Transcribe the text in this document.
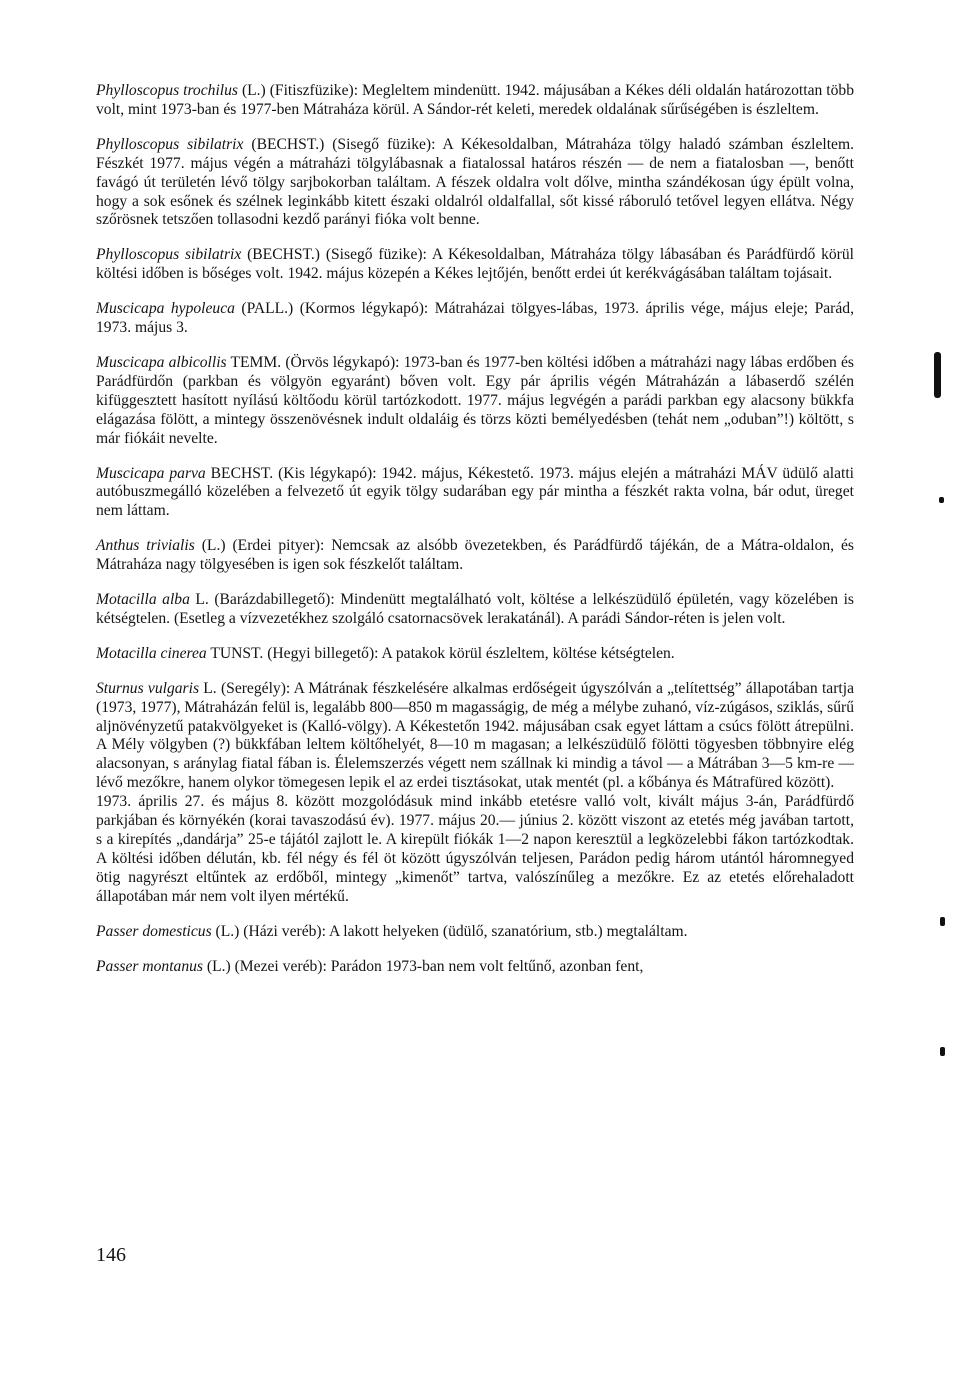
Phylloscopus trochilus (L.) (Fitiszfüzike): Megleltem mindenütt. 1942. májusában a Kékes déli oldalán határozottan több volt, mint 1973-ban és 1977-ben Mátraháza körül. A Sándor-rét keleti, meredek oldalának sűrűségében is észleltem.

Phylloscopus sibilatrix (BECHST.) (Sisegő füzike): A Kékesoldalban, Mátraháza tölgy haladó számban észleltem. Fészkét 1977. május végén a mátraházi tölgylábasnak a fiatalossal határos részén — de nem a fiatalosban —, benőtt favágó út területén lévő tölgy sarjbokorban találtam. A fészek oldalra volt dőlve, mintha szándékosan úgy épült volna, hogy a sok esőnek és szélnek leginkább kitett északi oldalról oldalfallal, sőt kissé ráboruló tetővel legyen ellátva. Négy szőrösnek tetszően tollasodni kezdő parányi fióka volt benne.

Phylloscopus sibilatrix (BECHST.) (Sisegő füzike): A Kékesoldalban, Mátraháza tölgy lábasában és Parádfürdő körül költési időben is bőséges volt. 1942. május közepén a Kékes lejtőjén, benőtt erdei út kerékvágásában találtam tojásait.

Muscicapa hypoleuca (PALL.) (Kormos légykapó): Mátraházai tölgyes-lábas, 1973. április vége, május eleje; Parád, 1973. május 3.

Muscicapa albicollis TEMM. (Örvös légykapó): 1973-ban és 1977-ben költési időben a mátraházi nagy lábas erdőben és Parádfürdőn (parkban és völgyön egyaránt) bőven volt. Egy pár április végén Mátraházán a lábaserdő szélén kifüggesztett hasított nyílású költőodu körül tartózkodott. 1977. május legvégén a parádi parkban egy alacsony bükkfa elágazása fölött, a mintegy összenövésnek indult oldaláig és törzs közti bemélyedésben (tehát nem „oduban”!) költött, s már fiókáit nevelte.

Muscicapa parva BECHST. (Kis légykapó): 1942. május, Kékestető. 1973. május elején a mátraházi MÁV üdülő alatti autóbuszmegálló közelében a felvezető út egyik tölgy sudarában egy pár mintha a fészkét rakta volna, bár odut, üreget nem láttam.

Anthus trivialis (L.) (Erdei pityer): Nemcsak az alsóbb övezetekben, és Parádfürdő tájékán, de a Mátra-oldalon, és Mátraháza nagy tölgyesében is igen sok fészkelőt találtam.

Motacilla alba L. (Barázdabillegető): Mindenütt megtalálható volt, költése a lelkészüdülő épületén, vagy közelében is kétségtelen. (Esetleg a vízvezetékhez szolgáló csatornacsövek lerakatánál). A parádi Sándor-réten is jelen volt.

Motacilla cinerea TUNST. (Hegyi billegető): A patakok körül észleltem, költése kétségtelen.

Sturnus vulgaris L. (Seregély): A Mátrának fészkelésére alkalmas erdőségeit úgyszólván a „telítettség” állapotában tartja (1973, 1977), Mátraházán felül is, legalább 800—850 m magasságig, de még a mélybe zuhanó, víz-zúgásos, sziklás, sűrű aljnövényzetű patakvölgyeket is (Kalló-völgy). A Kékestetőn 1942. májusában csak egyet láttam a csúcs fölött átrepülni. A Mély völgyben (?) bükkfában leltem költőhelyét, 8—10 m magasan; a lelkészüdülő fölötti tögyesben többnyire elég alacsonyan, s aránylag fiatal fában is. Élelemszerzés végett nem szállnak ki mindig a távol — a Mátrában 3—5 km-re — lévő mezőkre, hanem olykor tömegesen lepik el az erdei tisztásokat, utak mentét (pl. a kőbánya és Mátrafüred között).

1973. április 27. és május 8. között mozgolódásuk mind inkább etetésre valló volt, kivált május 3-án, Parádfürdő parkjában és környékén (korai tavaszodású év). 1977. május 20.— június 2. között viszont az etetés még javában tartott, s a kirepítés „dandárja” 25-e tájától zajlott le. A kirepült fiókák 1—2 napon keresztül a legközelebbi fákon tartózkodtak. A költési időben délután, kb. fél négy és fél öt között úgyszólván teljesen, Parádon pedig három utántól háromnegyed ötig nagyrészt eltűntek az erdőből, mintegy „kimenőt” tartva, valószínűleg a mezőkre. Ez az etetés előrehaladott állapotában már nem volt ilyen mértékű.

Passer domesticus (L.) (Házi veréb): A lakott helyeken (üdülő, szanatórium, stb.) megtaláltam.

Passer montanus (L.) (Mezei veréb): Parádon 1973-ban nem volt feltűnő, azonban fent,

146
